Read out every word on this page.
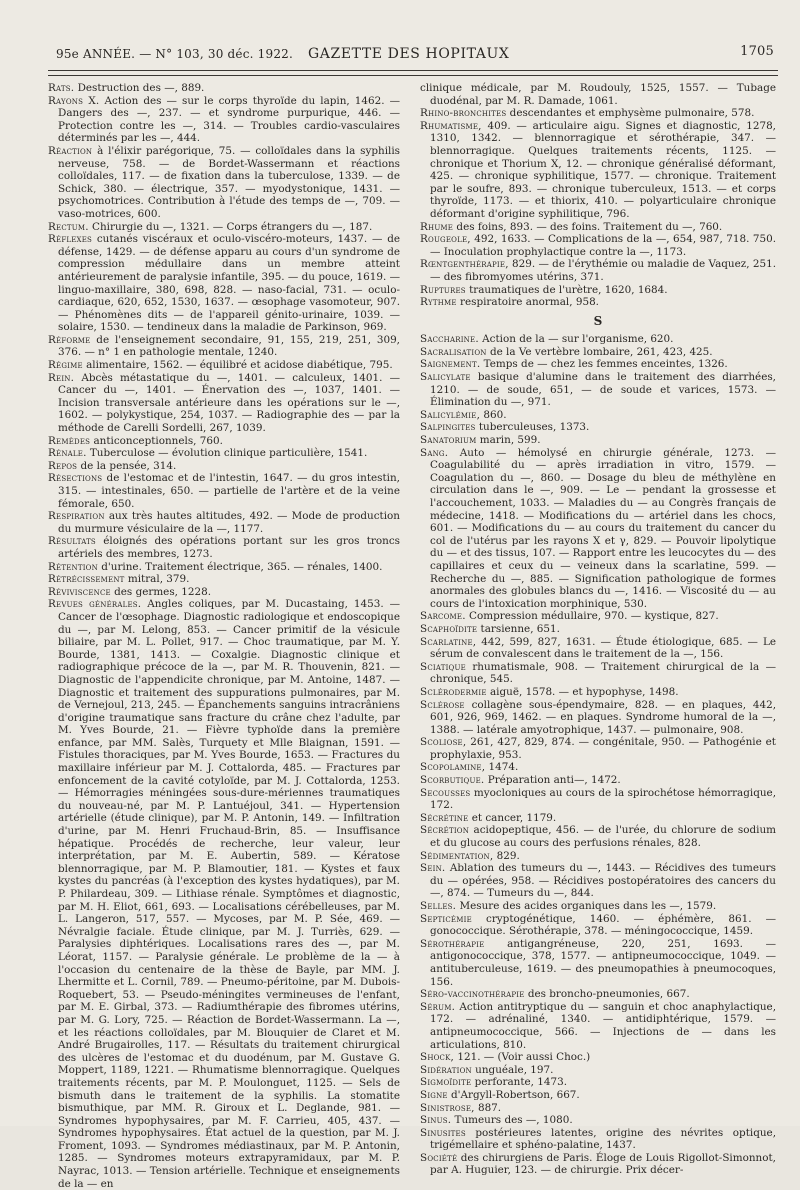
95e ANNÉE. — N° 103, 30 déc. 1922. GAZETTE DES HOPITAUX	1705

Rats. Destruction des —, 889.

Rayons X. Action des — sur le corps thyroïde du lapin, 1462. — Dangers des —, 237. — et syndrome purpurique, 446. — Protection contre les —, 314. — Troubles cardio-vasculaires déterminés par les —, 444.

Réaction à l'élixir parégorique, 75. — colloïdales dans la syphilis nerveuse, 758. — de Bordet-Wassermann et réactions colloïdales, 117. — de fixation dans la tuberculose, 1339. — de Schick, 380. — électrique, 357. — myodystonique, 1431. — psychomotrices. Contribution à l'étude des temps de —, 709. — vaso-motrices, 600.

Rectum. Chirurgie du —, 1321. — Corps étrangers du —, 187.

Réflexes cutanés viscéraux et oculo-viscéro-moteurs, 1437. — de défense, 1429. — de défense apparu au cours d'un syndrome de compression médullaire dans un membre atteint antérieurement de paralysie infantile, 395. — du pouce, 1619. — linguo-maxillaire, 380, 698, 828. — naso-facial, 731. — oculo-cardiaque, 620, 652, 1530, 1637. — œsophage vasomoteur, 907. — Phénomènes dits — de l'appareil génito-urinaire, 1039. — solaire, 1530. — tendineux dans la maladie de Parkinson, 969.

Réforme de l'enseignement secondaire, 91, 155, 219, 251, 309, 376. — n° 1 en pathologie mentale, 1240.

Régime alimentaire, 1562. — équilibré et acidose diabétique, 795.

Rein. Abcès métastatique du —, 1401. — calculeux, 1401. — Cancer du —, 1401. — Énervation des —, 1037, 1401. — Incision transversale antérieure dans les opérations sur le —, 1602. — polykystique, 254, 1037. — Radiographie des — par la méthode de Carelli Sordelli, 267, 1039.

Remèdes anticonceptionnels, 760.

Rénale. Tuberculose — évolution clinique particulière, 1541.

Repos de la pensée, 314.

Résections de l'estomac et de l'intestin, 1647. — du gros intestin, 315. — intestinales, 650. — partielle de l'artère et de la veine fémorale, 650.

Respiration aux très hautes altitudes, 492. — Mode de production du murmure vésiculaire de la —, 1177.

Résultats éloignés des opérations portant sur les gros troncs artériels des membres, 1273.

Rétention d'urine. Traitement électrique, 365. — rénales, 1400.

Rétrécissement mitral, 379.

Réviviscence des germes, 1228.

Revues générales. Angles coliques, par M. Ducastaing, 1453. — Cancer de l'œsophage. Diagnostic radiologique et endoscopique du —, par M. Lelong, 853. — Cancer primitif de la vésicule biliaire, par M. L. Pollet, 917. — Choc traumatique, par M. Y. Bourde, 1381, 1413. — Coxalgie. Diagnostic clinique et radiographique précoce de la —, par M. R. Thouvenin, 821. — Diagnostic de l'appendicite chronique, par M. Antoine, 1487. — Diagnostic et traitement des suppurations pulmonaires, par M. de Vernejoul, 213, 245. — Épanchements sanguins intracrâniens d'origine traumatique sans fracture du crâne chez l'adulte, par M. Yves Bourde, 21. — Fièvre typhoïde dans la première enfance, par MM. Salès, Turquety et Mlle Blaignan, 1591. — Fistules thoraciques, par M. Yves Bourde, 1653. — Fractures du maxillaire inférieur par M. J. Cottalorda, 485. — Fractures par enfoncement de la cavité cotyloïde, par M. J. Cottalorda, 1253. — Hémorragies méningées sous-dure-mériennes traumatiques du nouveau-né, par M. P. Lantuéjoul, 341. — Hypertension artérielle (étude clinique), par M. P. Antonin, 149. — Infiltration d'urine, par M. Henri Fruchaud-Brin, 85. — Insuffisance hépatique. Procédés de recherche, leur valeur, leur interprétation, par M. E. Aubertin, 589. — Kératose blennorragique, par M. P. Blamoutier, 181. — Kystes et faux kystes du pancréas (à l'exception des kystes hydatiques), par M. P. Philardeau, 309. — Lithiase rénale. Symptômes et diagnostic, par M. H. Eliot, 661, 693. — Localisations cérébelleuses, par M. L. Langeron, 517, 557. — Mycoses, par M. P. Sée, 469. — Névralgie faciale. Étude clinique, par M. J. Turriès, 629. — Paralysies diphtériques. Localisations rares des —, par M. Léorat, 1157. — Paralysie générale. Le problème de la — à l'occasion du centenaire de la thèse de Bayle, par MM. J. Lhermitte et L. Cornil, 789. — Pneumo-péritoine, par M. Dubois-Roquebert, 53. — Pseudo-méningites vermineuses de l'enfant, par M. E. Girbal, 373. — Radiumthérapie des fibromes utérins, par M. G. Lory, 725. — Réaction de Bordet-Wassermann. La —, et les réactions colloïdales, par M. Blouquier de Claret et M. André Brugairolles, 117. — Résultats du traitement chirurgical des ulcères de l'estomac et du duodénum, par M. Gustave G. Moppert, 1189, 1221. — Rhumatisme blennorragique. Quelques traitements récents, par M. P. Moulonguet, 1125. — Sels de bismuth dans le traitement de la syphilis. La stomatite bismuthique, par MM. R. Giroux et L. Deglande, 981. — Syndromes hypophysaires, par M. F. Carrieu, 405, 437. — Syndromes hypophysaires. État actuel de la question, par M. J. Froment, 1093. — Syndromes médiastinaux, par M. P. Antonin, 1285. — Syndromes moteurs extrapyramidaux, par M. P. Nayrac, 1013. — Tension artérielle. Technique et enseignements de la — en

clinique médicale, par M. Roudouly, 1525, 1557. — Tubage duodénal, par M. R. Damade, 1061.

Rhino-bronchites descendantes et emphysème pulmonaire, 578.

Rhumatisme, 409. — articulaire aigu. Signes et diagnostic, 1278, 1310, 1342. — blennorragique et sérothérapie, 347. — blennorragique. Quelques traitements récents, 1125. — chronique et Thorium X, 12. — chronique généralisé déformant, 425. — chronique syphilitique, 1577. — chronique. Traitement par le soufre, 893. — chronique tuberculeux, 1513. — et corps thyroïde, 1173. — et thiorix, 410. — polyarticulaire chronique déformant d'origine syphilitique, 796.

Rhume des foins, 893. — des foins. Traitement du —, 760.

Rougeole, 492, 1633. — Complications de la —, 654, 987, 718. 750. — Inoculation prophylactique contre la —, 1173.

Rœntgenthérapie, 829. — de l'érythémie ou maladie de Vaquez, 251. — des fibromyomes utérins, 371.

Ruptures traumatiques de l'urètre, 1620, 1684.

Rythme respiratoire anormal, 958.

S

Saccharine. Action de la — sur l'organisme, 620.

Sacralisation de la Ve vertèbre lombaire, 261, 423, 425.

Saignement. Temps de — chez les femmes enceintes, 1326.

Salicylate basique d'alumine dans le traitement des diarrhées, 1210. — de soude, 651, — de soude et varices, 1573. — Élimination du —, 971.

Salicylémie, 860.

Salpingites tuberculeuses, 1373.

Sanatorium marin, 599.

Sang. Auto — hémolysé en chirurgie générale, 1273. — Coagulabilité du — après irradiation in vitro, 1579. — Coagulation du —, 860. — Dosage du bleu de méthylène en circulation dans le —, 909. — Le — pendant la grossesse et l'accouchement, 1033. — Maladies du — au Congrès français de médecine, 1418. — Modifications du — artériel dans les chocs, 601. — Modifications du — au cours du traitement du cancer du col de l'utérus par les rayons X et γ, 829. — Pouvoir lipolytique du — et des tissus, 107. — Rapport entre les leucocytes du — des capillaires et ceux du — veineux dans la scarlatine, 599. — Recherche du —, 885. — Signification pathologique de formes anormales des globules blancs du —, 1416. — Viscosité du — au cours de l'intoxication morphinique, 530.

Sarcome. Compression médullaire, 970. — kystique, 827.

Scaphoïdite tarsienne, 651.

Scarlatine, 442, 599, 827, 1631. — Étude étiologique, 685. — Le sérum de convalescent dans le traitement de la —, 156.

Sciatique rhumatismale, 908. — Traitement chirurgical de la — chronique, 545.

Sclérodermie aiguë, 1578. — et hypophyse, 1498.

Sclérose collagène sous-épendymaire, 828. — en plaques, 442, 601, 926, 969, 1462. — en plaques. Syndrome humoral de la —, 1388. — latérale amyotrophique, 1437. — pulmonaire, 908.

Scoliose, 261, 427, 829, 874. — congénitale, 950. — Pathogénie et prophylaxie, 953.

Scopolamine, 1474.

Scorbutique. Préparation anti—, 1472.

Secousses myocloniques au cours de la spirochétose hémorragique, 172.

Sécrétine et cancer, 1179.

Sécrétion acidopeptique, 456. — de l'urée, du chlorure de sodium et du glucose au cours des perfusions rénales, 828.

Sédimentation, 829.

Sein. Ablation des tumeurs du —, 1443. — Récidives des tumeurs du — opérées, 958. — Récidives postopératoires des cancers du —, 874. — Tumeurs du —, 844.

Selles. Mesure des acides organiques dans les —, 1579.

Septicémie cryptogénétique, 1460. — éphémère, 861. — gonococcique. Sérothérapie, 378. — méningococcique, 1459.

Sérothérapie antigangréneuse, 220, 251, 1693. — antigonococcique, 378, 1577. — antipneumococcique, 1049. — antituberculeuse, 1619. — des pneumopathies à pneumocoques, 156.

Séro-vaccinothérapie des broncho-pneumonies, 667.

Sérum. Action antitryptique du — sanguin et choc anaphylactique, 172. — adrénaliné, 1340. — antidiphtérique, 1579. — antipneumococcique, 566. — Injections de — dans les articulations, 810.

Shock, 121. — (Voir aussi Choc.)

Sidération unguéale, 197.

Sigmoïdite perforante, 1473.

Signe d'Argyll-Robertson, 667.

Sinistrose, 887.

Sinus. Tumeurs des —, 1080.

Sinusites postérieures latentes, origine des névrites optique, trigémellaire et sphéno-palatine, 1437.

Société des chirurgiens de Paris. Éloge de Louis Rigollot-Simonnot, par A. Huguier, 123. — de chirurgie. Prix décer-
